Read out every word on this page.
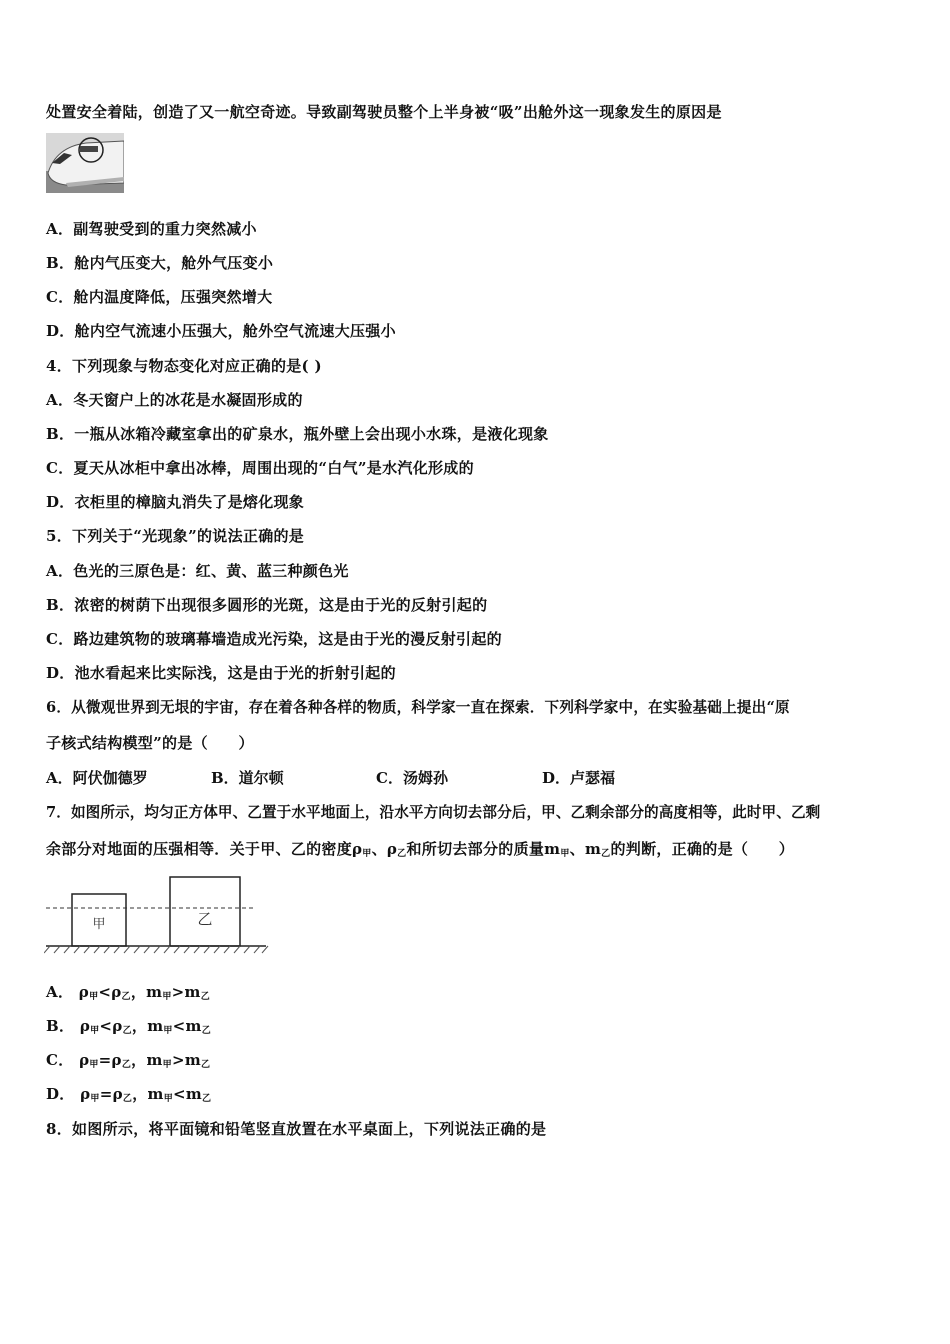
处置安全着陆，创造了又一航空奇迹。导致副驾驶员整个上半身被“吸”出舱外这一现象发生的原因是
A．副驾驶受到的重力突然减小
B．舱内气压变大，舱外气压变小
C．舱内温度降低，压强突然增大
D．舱内空气流速小压强大，舱外空气流速大压强小
4．下列现象与物态变化对应正确的是( )
A．冬天窗户上的冰花是水凝固形成的
B．一瓶从冰箱冷藏室拿出的矿泉水，瓶外壁上会出现小水珠，是液化现象
C．夏天从冰柜中拿出冰棒，周围出现的“白气”是水汽化形成的
D．衣柜里的樟脑丸消失了是熔化现象
5．下列关于“光现象”的说法正确的是
A．色光的三原色是：红、黄、蓝三种颜色光
B．浓密的树荫下出现很多圆形的光斑，这是由于光的反射引起的
C．路边建筑物的玻璃幕墙造成光污染，这是由于光的漫反射引起的
D．池水看起来比实际浅，这是由于光的折射引起的
6．从微观世界到无垠的宇宙，存在着各种各样的物质，科学家一直在探索．下列科学家中，在实验基础上提出“原
子核式结构模型”的是（　　）
A．阿伏伽德罗	B．道尔顿	C．汤姆孙	D．卢瑟福
7．如图所示，均匀正方体甲、乙置于水平地面上，沿水平方向切去部分后，甲、乙剩余部分的高度相等，此时甲、乙剩
余部分对地面的压强相等．关于甲、乙的密度$\rho_甲$、$\rho_乙$和所切去部分的质量$m_甲$、$m_乙$的判断，正确的是（　　）
甲	乙
A． $\rho_甲<\rho_乙$，$m_甲>m_乙$
B． $\rho_甲<\rho_乙$，$m_甲<m_乙$
C． $\rho_甲=\rho_乙$，$m_甲>m_乙$
D． $\rho_甲=\rho_乙$，$m_甲<m_乙$
8．如图所示，将平面镜和铅笔竖直放置在水平桌面上，下列说法正确的是
